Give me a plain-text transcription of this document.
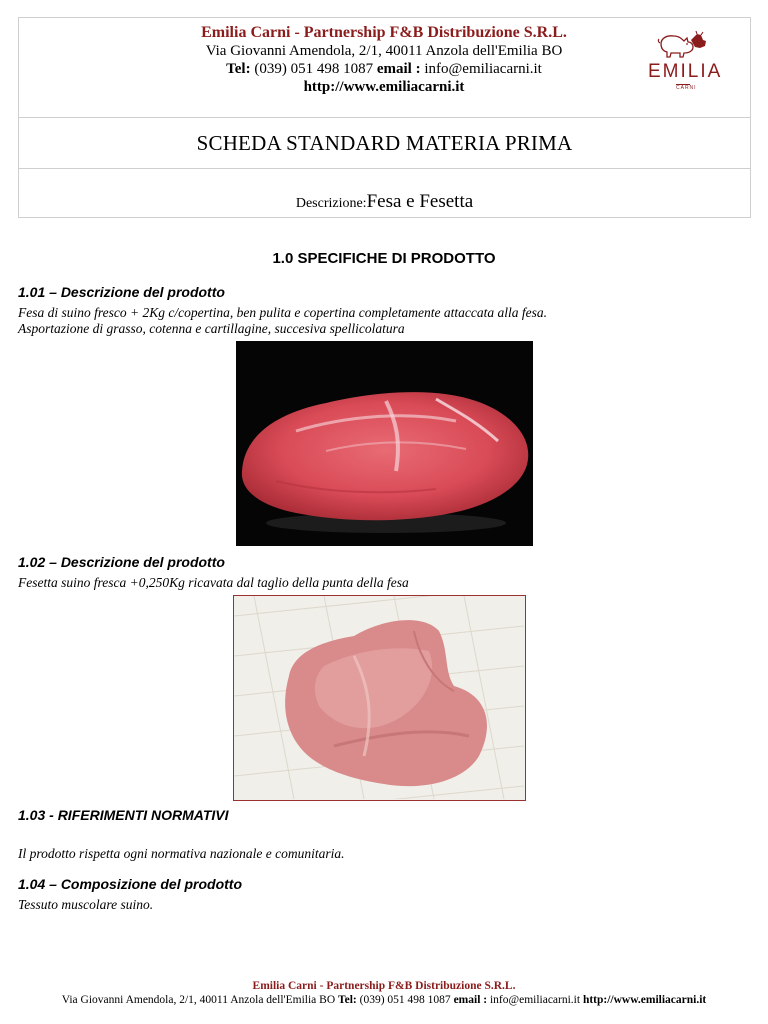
Emilia Carni - Partnership F&B Distribuzione S.R.L.
Via Giovanni Amendola, 2/1, 40011 Anzola dell'Emilia BO
Tel: (039) 051 498 1087 email : info@emiliacarni.it
http://www.emiliacarni.it
EMILIA
CARNI
SCHEDA STANDARD MATERIA PRIMA
Descrizione:Fesa e Fesetta
1.0 SPECIFICHE DI PRODOTTO
1.01 – Descrizione del prodotto
Fesa di suino fresco + 2Kg c/copertina, ben pulita e copertina completamente attaccata alla fesa.
Asportazione di grasso, cotenna e cartillagine, succesiva spellicolatura
1.02 – Descrizione del prodotto
Fesetta suino fresca +0,250Kg ricavata dal taglio della punta della fesa
1.03 - RIFERIMENTI NORMATIVI
Il prodotto rispetta ogni normativa nazionale e comunitaria.
1.04 – Composizione del prodotto
Tessuto muscolare suino.
Emilia Carni - Partnership F&B Distribuzione S.R.L.
Via Giovanni Amendola, 2/1, 40011 Anzola dell'Emilia BO Tel: (039) 051 498 1087 email : info@emiliacarni.it http://www.emiliacarni.it
